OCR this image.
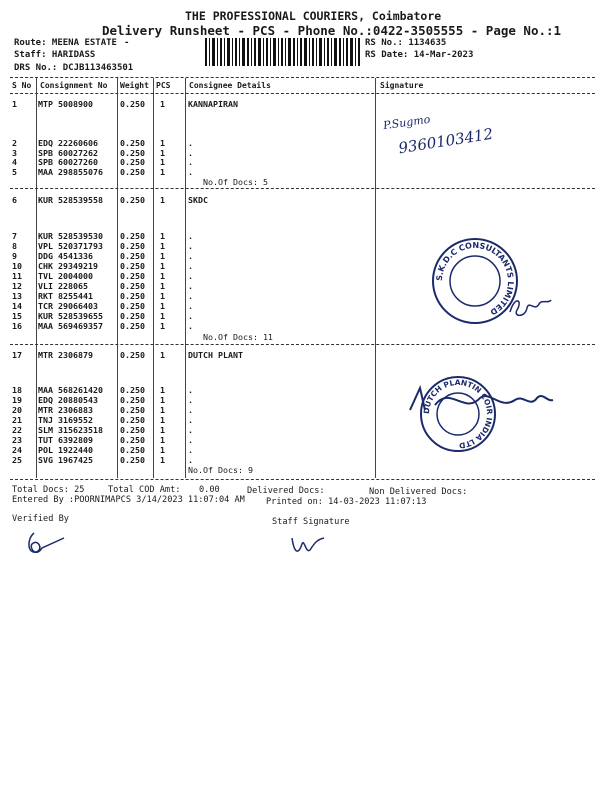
THE PROFESSIONAL COURIERS, Coimbatore
Delivery Runsheet - PCS - Phone No.:0422-3505555 - Page No.:1
Route: MEENA ESTATE -
Staff: HARIDASS
DRS No.: DCJB113463501
RS No.: 1134635
RS Date: 14-Mar-2023
S No Consignment No Weight PCS Consignee Details	Signature
1	MTP 5008900	0.250 1	KANNAPIRAN
2	EDQ 22260606	0.250 1	.
3	SPB 60027262	0.250 1	.
4	SPB 60027260	0.250 1	.
5	MAA 298855076 0.250 1	.
No.Of Docs: 5
6	KUR 528539558 0.250 1	SKDC
7	KUR 528539530 0.250 1	.
8	VPL 520371793 0.250 1	.
9	DDG 4541336	0.250 1	.
10 CHK 29349219	0.250 1	.
11 TVL 2004000	0.250 1	.
12 VLI 228065	0.250 1	.
13 RKT 8255441	0.250 1	.
14 TCR 29066403	0.250 1	.
15 KUR 528539655 0.250 1	.
16 MAA 569469357 0.250 1	.
No.Of Docs: 11
17 MTR 2306879	0.250 1	DUTCH PLANT
18 MAA 568261420 0.250 1	.
19 EDQ 20880543	0.250 1	.
20 MTR 2306883	0.250 1	.
21 TNJ 3169552	0.250 1	.
22 SLM 315623518 0.250 1	.
23 TUT 6392809	0.250 1	.
24 POL 1922440	0.250 1	.
25 SVG 1967425	0.250 1	.
No.Of Docs: 9
Total Docs: 25	Total COD Amt: 0.00	Delivered Docs:	Non Delivered Docs:
Entered By :POORNIMAPCS 3/14/2023 11:07:04 AM Printed on: 14-03-2023 11:07:13
Verified By	Staff Signature
P.Sugmo
9360103412
S.K.D.C CONSULTANTS LIMITED
DUTCH PLANTIN COIR INDIA LTD
